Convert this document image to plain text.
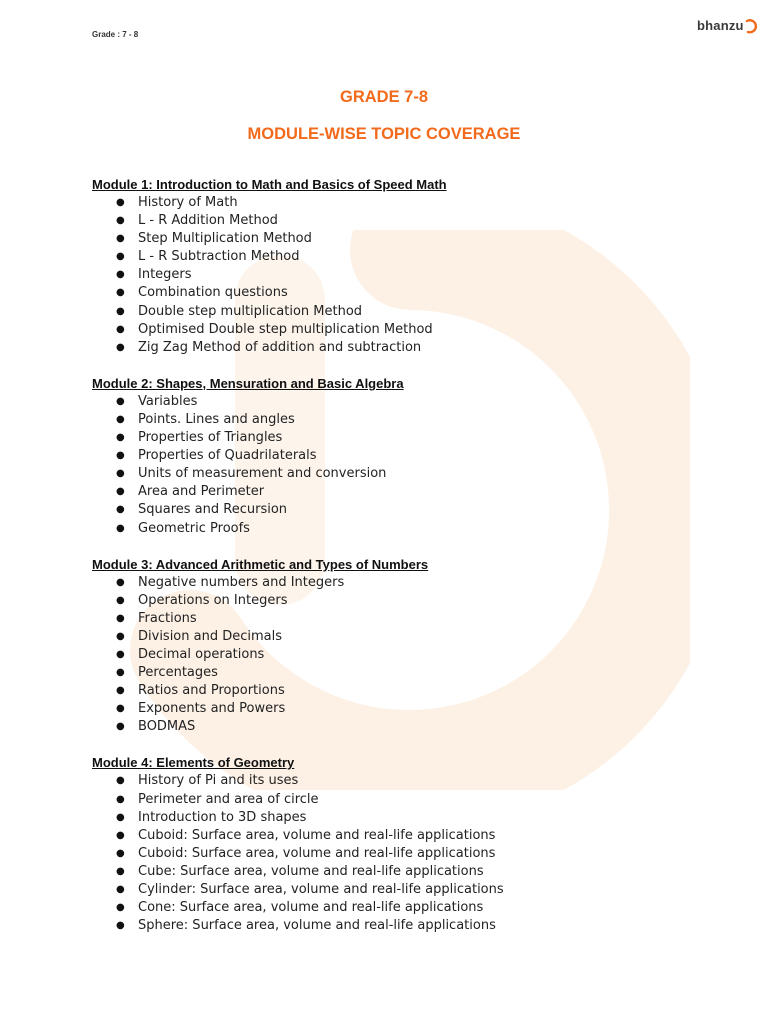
Grade : 7 - 8
bhanzu
GRADE 7-8
MODULE-WISE TOPIC COVERAGE
Module 1: Introduction to Math and Basics of Speed Math
● History of Math
● L - R Addition Method
● Step Multiplication Method
● L - R Subtraction Method
● Integers
● Combination questions
● Double step multiplication Method
● Optimised Double step multiplication Method
● Zig Zag Method of addition and subtraction
Module 2: Shapes, Mensuration and Basic Algebra
● Variables
● Points. Lines and angles
● Properties of Triangles
● Properties of Quadrilaterals
● Units of measurement and conversion
● Area and Perimeter
● Squares and Recursion
● Geometric Proofs
Module 3: Advanced Arithmetic and Types of Numbers
● Negative numbers and Integers
● Operations on Integers
● Fractions
● Division and Decimals
● Decimal operations
● Percentages
● Ratios and Proportions
● Exponents and Powers
● BODMAS
Module 4: Elements of Geometry
● History of Pi and its uses
● Perimeter and area of circle
● Introduction to 3D shapes
● Cuboid: Surface area, volume and real-life applications
● Cuboid: Surface area, volume and real-life applications
● Cube: Surface area, volume and real-life applications
● Cylinder: Surface area, volume and real-life applications
● Cone: Surface area, volume and real-life applications
● Sphere: Surface area, volume and real-life applications
